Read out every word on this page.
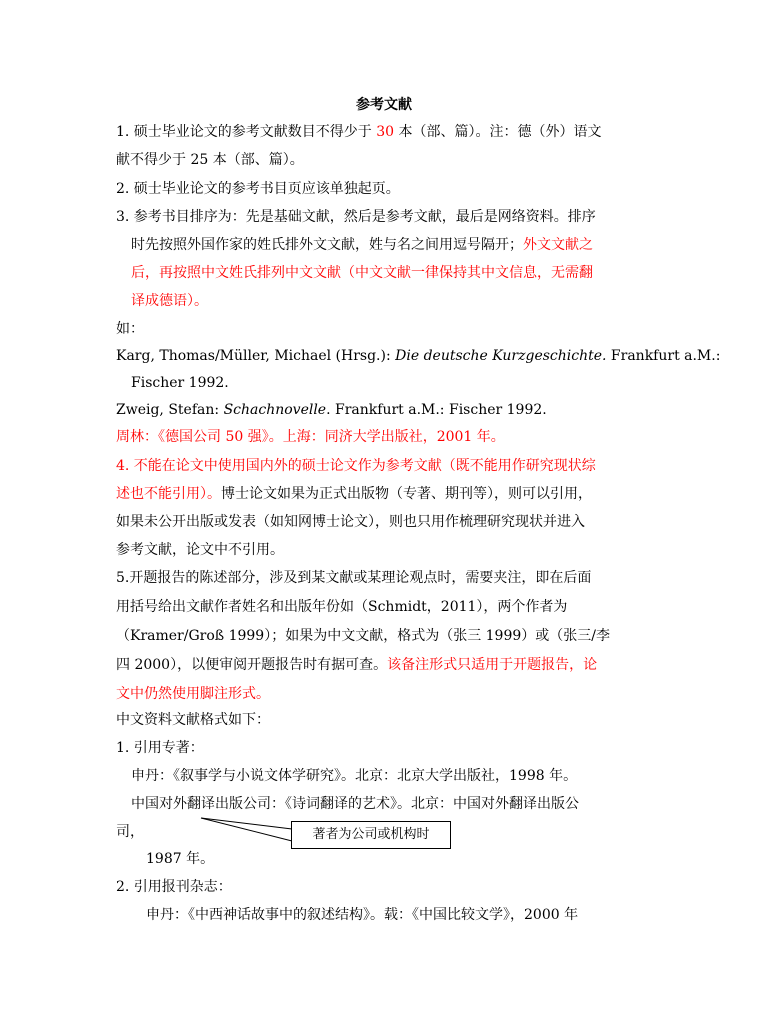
参考文献
1. 硕士毕业论文的参考文献数目不得少于 30 本（部、篇）。注：德（外）语文
献不得少于 25 本（部、篇）。
2. 硕士毕业论文的参考书目页应该单独起页。
3. 参考书目排序为：先是基础文献，然后是参考文献，最后是网络资料。排序
时先按照外国作家的姓氏排外文文献，姓与名之间用逗号隔开；外文文献之
后，再按照中文姓氏排列中文文献（中文文献一律保持其中文信息，无需翻
译成德语）。
如：
Karg, Thomas/Müller, Michael (Hrsg.): Die deutsche Kurzgeschichte. Frankfurt a.M.:
Fischer 1992.
Zweig, Stefan: Schachnovelle. Frankfurt a.M.: Fischer 1992.
周林：《德国公司 50 强》。上海：同济大学出版社，2001 年。
4. 不能在论文中使用国内外的硕士论文作为参考文献（既不能用作研究现状综
述也不能引用）。博士论文如果为正式出版物（专著、期刊等），则可以引用，
如果未公开出版或发表（如知网博士论文），则也只用作梳理研究现状并进入
参考文献，论文中不引用。
5.开题报告的陈述部分，涉及到某文献或某理论观点时，需要夹注，即在后面
用括号给出文献作者姓名和出版年份如（Schmidt，2011），两个作者为
（Kramer/Groß 1999）；如果为中文文献，格式为（张三 1999）或（张三/李
四 2000），以便审阅开题报告时有据可查。该备注形式只适用于开题报告，论
文中仍然使用脚注形式。
中文资料文献格式如下：
1. 引用专著：
申丹：《叙事学与小说文体学研究》。北京：北京大学出版社，1998 年。
中国对外翻译出版公司：《诗词翻译的艺术》。北京：中国对外翻译出版公
司，
1987 年。
著者为公司或机构时
2. 引用报刊杂志：
申丹：《中西神话故事中的叙述结构》。载：《中国比较文学》，2000 年
